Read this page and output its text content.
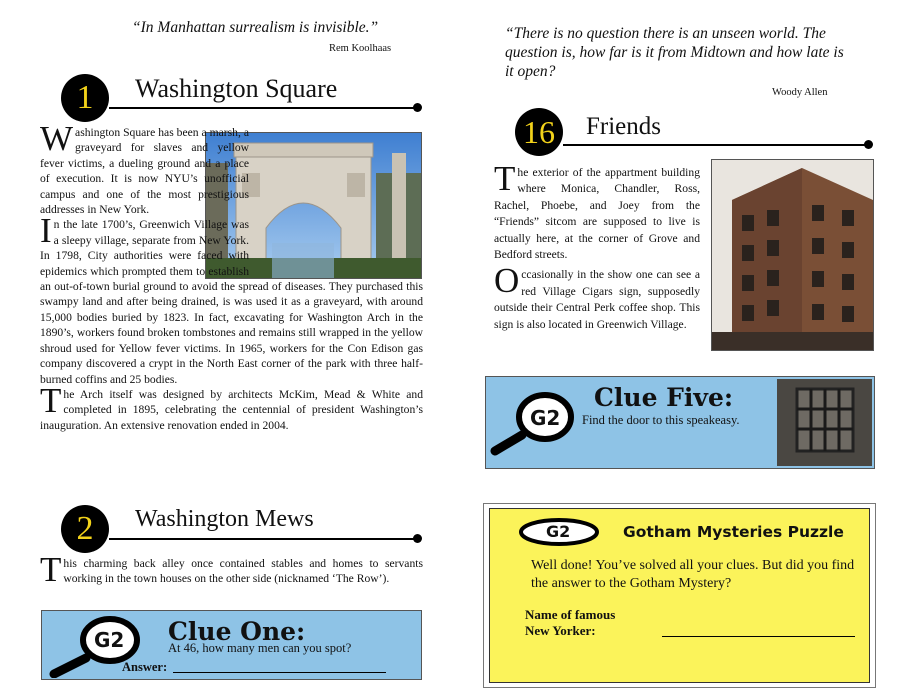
“In Manhattan surrealism is invisible.”
Rem Koolhaas
1	Washington Square

Washington Square has been a marsh, a graveyard for slaves and yellow fever victims, a dueling ground and a place of execution. It is now NYU’s unofficial campus and one of the most prestigious addresses in New York.

In the late 1700’s, Greenwich Village was a sleepy village, separate from New York. In 1798, City authorities were faced with epidemics which prompted them to establish an out-of-town burial ground to avoid the spread of diseases. They purchased this swampy land and after being drained, is was used it as a graveyard, with around 15,000 bodies buried by 1823. In fact, excavating for Washington Arch in the 1890’s, workers found broken tombstones and remains still wrapped in the yellow shroud used for Yellow fever victims. In 1965, workers for the Con Edison gas company discovered a crypt in the North East corner of the park with three half-burned coffins and 25 bodies.

The Arch itself was designed by architects McKim, Mead & White and completed in 1895, celebrating the centennial of president Washington’s inauguration. An extensive renovation ended in 2004.

2	Washington Mews

This charming back alley once contained stables and homes to servants working in the town houses on the other side (nicknamed ‘The Row’).

G2 Clue One:
At 46, how many men can you spot?
Answer:
“There is no question there is an unseen world. The question is, how far is it from Midtown and how late is it open?
Woody Allen
16	Friends

The exterior of the appartment building where Monica, Chandler, Ross, Rachel, Phoebe, and Joey from the “Friends” sitcom are supposed to live is actually here, at the corner of Grove and Bedford streets.

Occasionally in the show one can see a red Village Cigars sign, supposedly outside their Central Perk coffee shop. This sign is also located in Greenwich Village.

G2
Clue Five:
Find the door to this speakeasy.
G2	Gotham Mysteries Puzzle
Well done! You’ve solved all your clues. But did you find the answer to the Gotham Mystery?
Name of famous
New Yorker:
